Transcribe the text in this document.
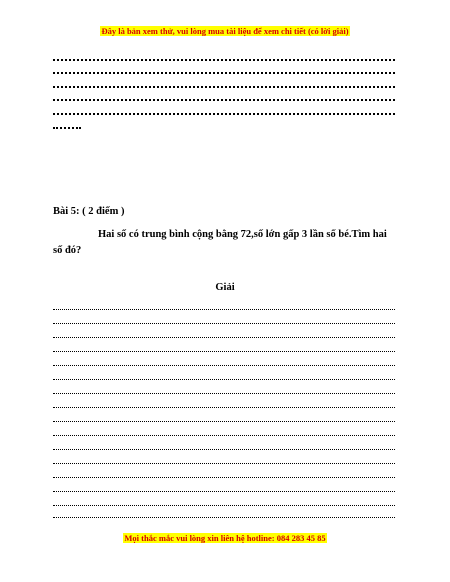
Đây là bản xem thử, vui lòng mua tài liệu để xem chi tiết (có lời giải)
Bài 5: ( 2 điểm )
Hai số có trung bình cộng bằng 72,số lớn gấp 3 lần số bé.Tìm hai số đó?
Giải
Mọi thắc mắc vui lòng xin liên hệ hotline: 084 283 45 85
